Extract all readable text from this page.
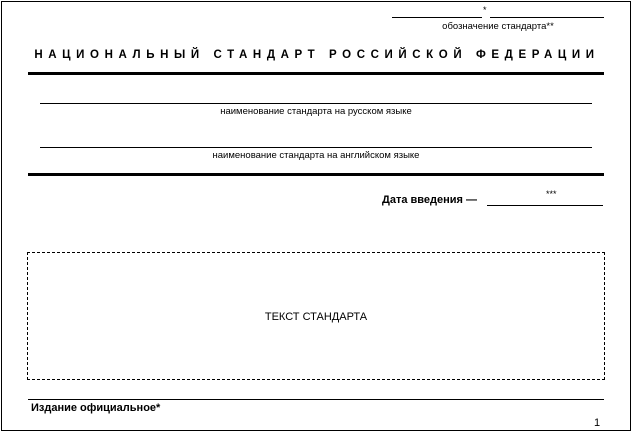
*
обозначение стандарта**
НАЦИОНАЛЬНЫЙ СТАНДАРТ РОССИЙСКОЙ ФЕДЕРАЦИИ
наименование стандарта на русском языке
наименование стандарта на английском языке
Дата введения —	***
ТЕКСТ СТАНДАРТА
Издание официальное*
1
